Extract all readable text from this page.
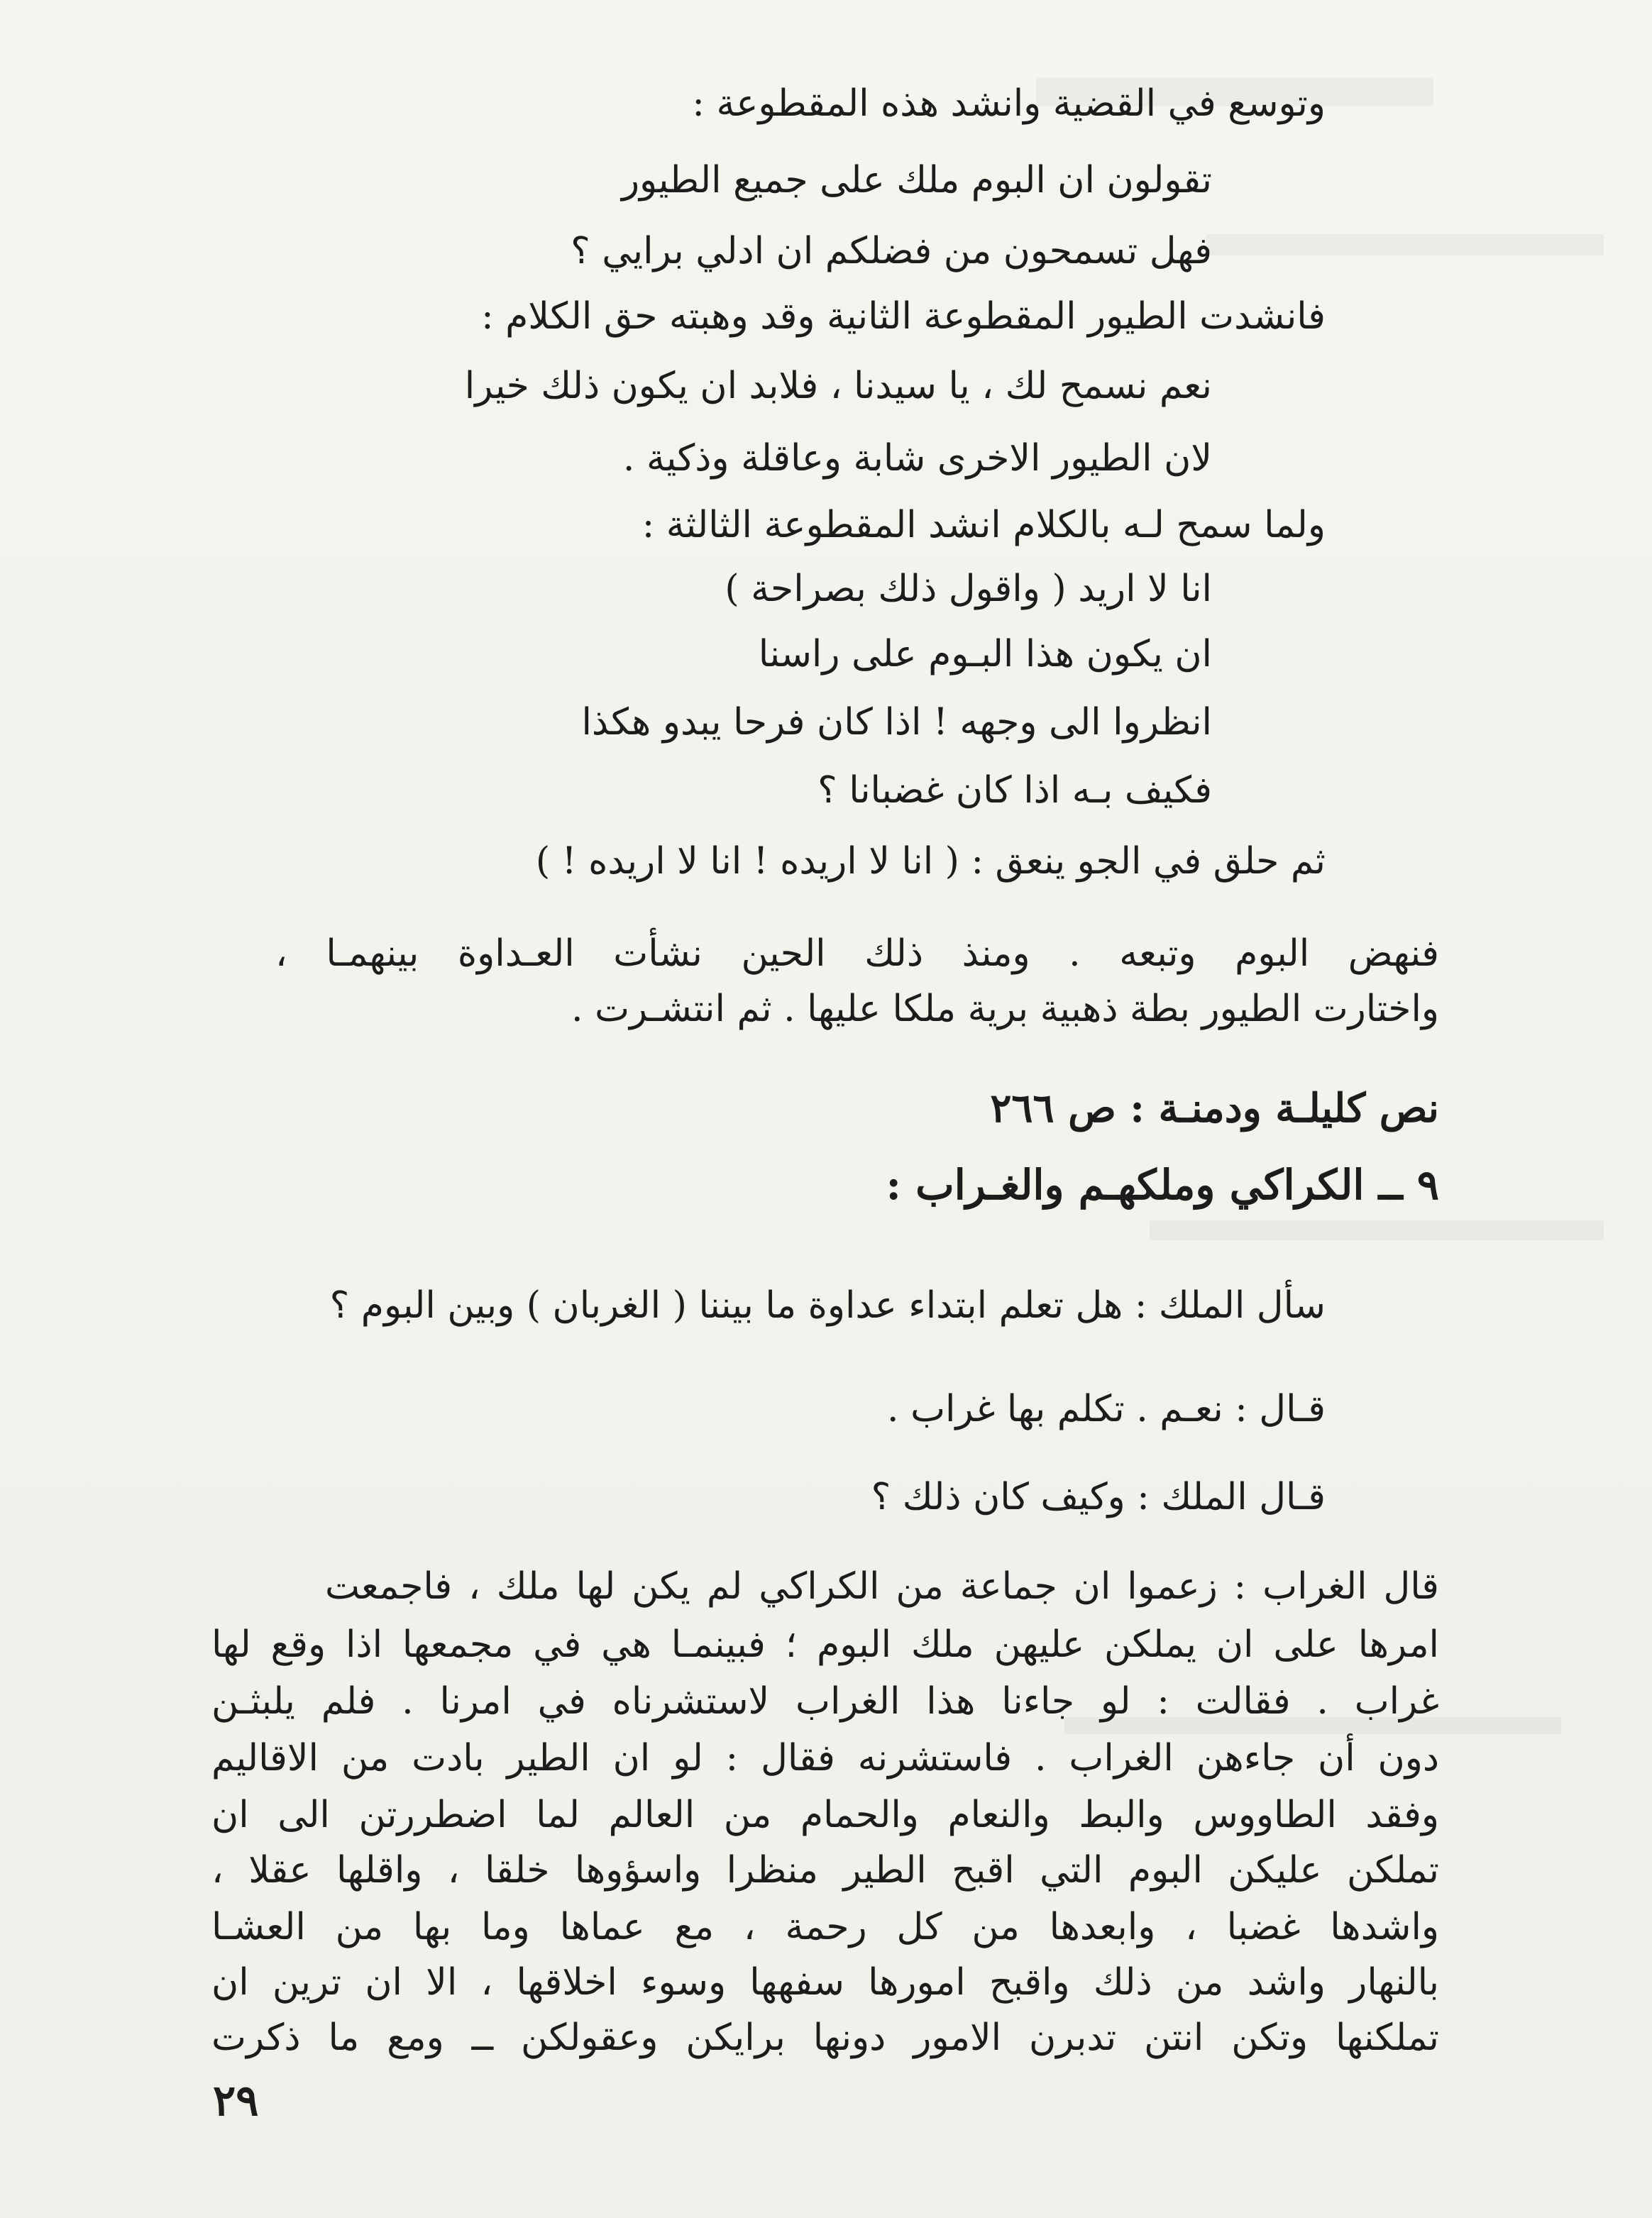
وتوسع في القضية وانشد هذه المقطوعة :
تقولون ان البوم ملك على جميع الطيور
فهل تسمحون من فضلكم ان ادلي برايي ؟
فانشدت الطيور المقطوعة الثانية وقد وهبته حق الكلام :
نعم نسمح لك ، يا سيدنا ، فلابد ان يكون ذلك خيرا
لان الطيور الاخرى شابة وعاقلة وذكية .
ولما سمح لـه بالكلام انشد المقطوعة الثالثة :
انا لا اريد ( واقول ذلك بصراحة )
ان يكون هذا البـوم على راسنا
انظروا الى وجهه ! اذا كان فرحا يبدو هكذا
فكيف بـه اذا كان غضبانا ؟
ثم حلق في الجو ينعق : ( انا لا اريده ! انا لا اريده ! )
فنهض البوم وتبعه . ومنذ ذلك الحين نشأت العـداوة بينهمـا ،
واختارت الطيور بطة ذهبية برية ملكا عليها . ثم انتشـرت .
نص كليلـة ودمنـة : ص ٢٦٦
٩ ــ الكراكي وملكهـم والغـراب :
سأل الملك : هل تعلم ابتداء عداوة ما بيننا ( الغربان ) وبين البوم ؟
قـال : نعـم . تكلم بها غراب .
قـال الملك : وكيف كان ذلك ؟
قال الغراب : زعموا ان جماعة من الكراكي لم يكن لها ملك ، فاجمعت
امرها على ان يملكن عليهن ملك البوم ؛ فبينمـا هي في مجمعها اذا وقع لها
غراب . فقالت : لو جاءنا هذا الغراب لاستشرناه في امرنا . فلم يلبثـن
دون أن جاءهن الغراب . فاستشرنه فقال : لو ان الطير بادت من الاقاليم
وفقد الطاووس والبط والنعام والحمام من العالم لما اضطررتن الى ان
تملكن عليكن البوم التي اقبح الطير منظرا واسؤوها خلقا ، واقلها عقلا ،
واشدها غضبا ، وابعدها من كل رحمة ، مع عماها وما بها من العشـا
بالنهار واشد من ذلك واقبح امورها سفهها وسوء اخلاقها ، الا ان ترين ان
تملكنها وتكن انتن تدبرن الامور دونها برايكن وعقولكن ــ ومع ما ذكرت
٢٩
